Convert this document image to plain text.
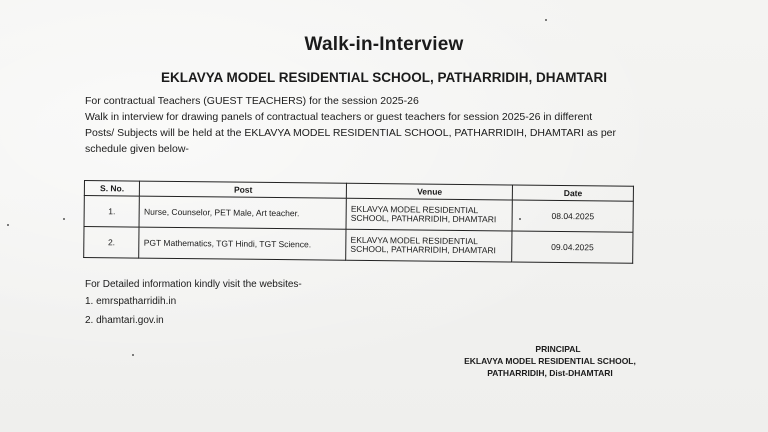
Walk-in-Interview
EKLAVYA MODEL RESIDENTIAL SCHOOL, PATHARRIDIH, DHAMTARI
For contractual Teachers (GUEST TEACHERS) for the session 2025-26
Walk in interview for drawing panels of contractual teachers or guest teachers for session 2025-26 in different
Posts/ Subjects will be held at the EKLAVYA MODEL RESIDENTIAL SCHOOL, PATHARRIDIH, DHAMTARI as per
schedule given below-
S. No.	Post	Venue	Date
1.	Nurse, Counselor, PET Male, Art teacher.	EKLAVYA MODEL RESIDENTIAL SCHOOL, PATHARRIDIH, DHAMTARI	08.04.2025
2.	PGT Mathematics, TGT Hindi, TGT Science.	EKLAVYA MODEL RESIDENTIAL SCHOOL, PATHARRIDIH, DHAMTARI	09.04.2025
For Detailed information kindly visit the websites-
1. emrspatharridih.in
2. dhamtari.gov.in
PRINCIPAL
EKLAVYA MODEL RESIDENTIAL SCHOOL,
PATHARRIDIH, Dist-DHAMTARI
